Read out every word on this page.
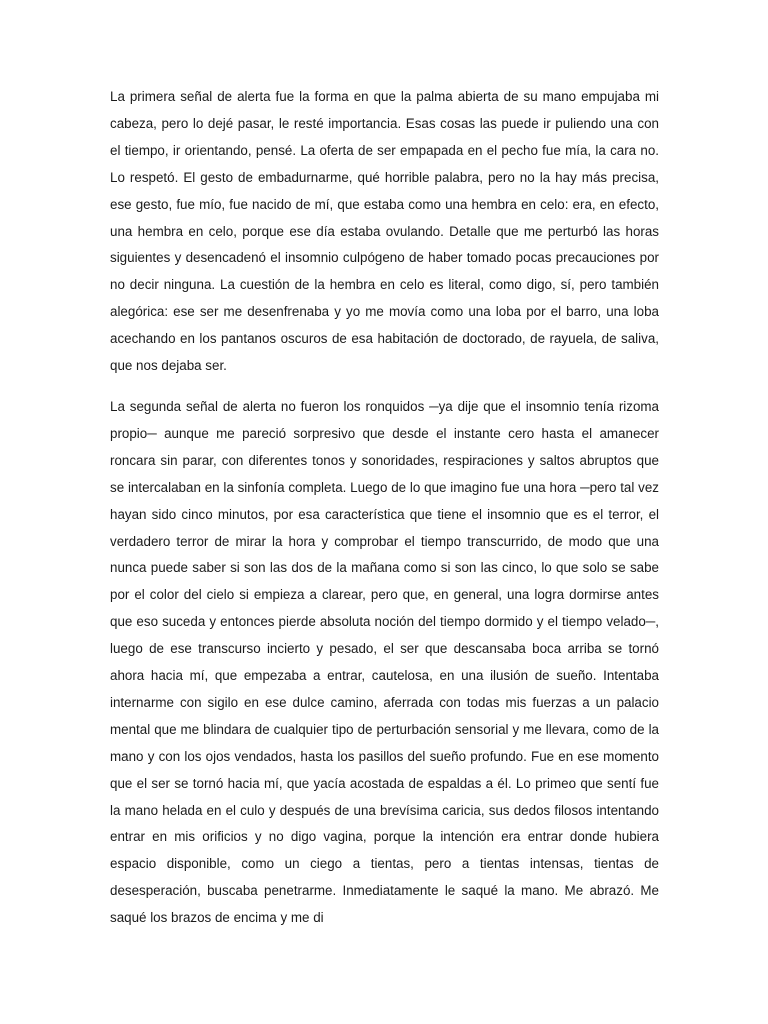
La primera señal de alerta fue la forma en que la palma abierta de su mano empujaba mi cabeza, pero lo dejé pasar, le resté importancia. Esas cosas las puede ir puliendo una con el tiempo, ir orientando, pensé. La oferta de ser empapada en el pecho fue mía, la cara no. Lo respetó. El gesto de embadurnarme, qué horrible palabra, pero no la hay más precisa, ese gesto, fue mío, fue nacido de mí, que estaba como una hembra en celo: era, en efecto, una hembra en celo, porque ese día estaba ovulando. Detalle que me perturbó las horas siguientes y desencadenó el insomnio culpógeno de haber tomado pocas precauciones por no decir ninguna. La cuestión de la hembra en celo es literal, como digo, sí, pero también alegórica: ese ser me desenfrenaba y yo me movía como una loba por el barro, una loba acechando en los pantanos oscuros de esa habitación de doctorado, de rayuela, de saliva, que nos dejaba ser.

La segunda señal de alerta no fueron los ronquidos ─ya dije que el insomnio tenía rizoma propio─ aunque me pareció sorpresivo que desde el instante cero hasta el amanecer roncara sin parar, con diferentes tonos y sonoridades, respiraciones y saltos abruptos que se intercalaban en la sinfonía completa. Luego de lo que imagino fue una hora ─pero tal vez hayan sido cinco minutos, por esa característica que tiene el insomnio que es el terror, el verdadero terror de mirar la hora y comprobar el tiempo transcurrido, de modo que una nunca puede saber si son las dos de la mañana como si son las cinco, lo que solo se sabe por el color del cielo si empieza a clarear, pero que, en general, una logra dormirse antes que eso suceda y entonces pierde absoluta noción del tiempo dormido y el tiempo velado─, luego de ese transcurso incierto y pesado, el ser que descansaba boca arriba se tornó ahora hacia mí, que empezaba a entrar, cautelosa, en una ilusión de sueño. Intentaba internarme con sigilo en ese dulce camino, aferrada con todas mis fuerzas a un palacio mental que me blindara de cualquier tipo de perturbación sensorial y me llevara, como de la mano y con los ojos vendados, hasta los pasillos del sueño profundo. Fue en ese momento que el ser se tornó hacia mí, que yacía acostada de espaldas a él. Lo primeo que sentí fue la mano helada en el culo y después de una brevísima caricia, sus dedos filosos intentando entrar en mis orificios y no digo vagina, porque la intención era entrar donde hubiera espacio disponible, como un ciego a tientas, pero a tientas intensas, tientas de desesperación, buscaba penetrarme. Inmediatamente le saqué la mano. Me abrazó. Me saqué los brazos de encima y me di
